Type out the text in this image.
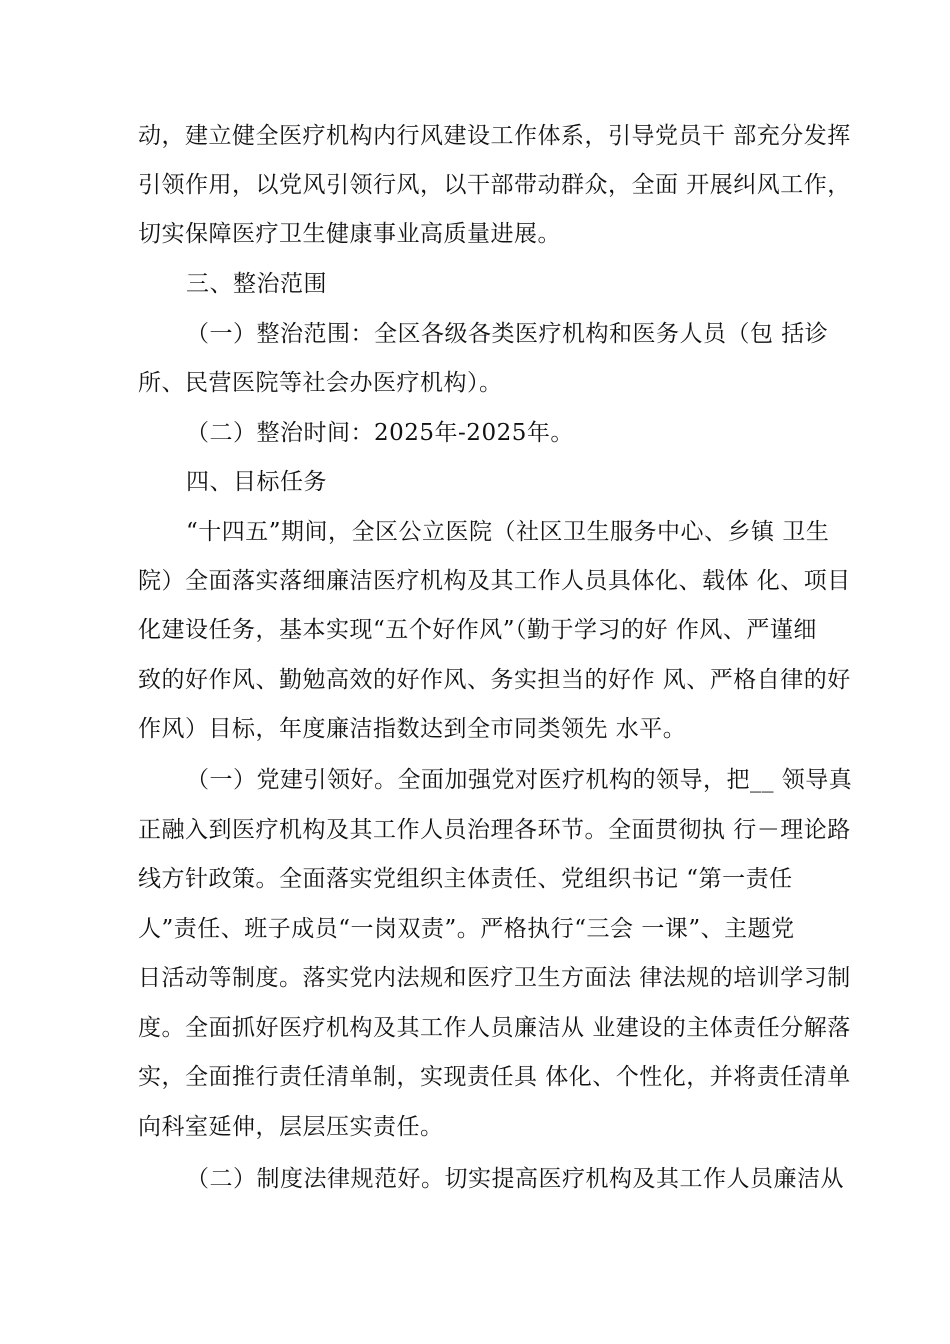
动，建立健全医疗机构内行风建设工作体系，引导党员干 部充分发挥
引领作用，以党风引领行风，以干部带动群众，全面 开展纠风工作，
切实保障医疗卫生健康事业高质量进展。
三、整治范围
（一）整治范围：全区各级各类医疗机构和医务人员（包 括诊
所、民营医院等社会办医疗机构）。
（二）整治时间：2025年-2025年。
四、目标任务
“十四五”期间，全区公立医院（社区卫生服务中心、乡镇 卫生
院）全面落实落细廉洁医疗机构及其工作人员具体化、载体 化、项目
化建设任务，基本实现“五个好作风”（勤于学习的好 作风、严谨细
致的好作风、勤勉高效的好作风、务实担当的好作 风、严格自律的好
作风）目标，年度廉洁指数达到全市同类领先 水平。
（一）党建引领好。全面加强党对医疗机构的领导，把__ 领导真
正融入到医疗机构及其工作人员治理各环节。全面贯彻执 行－理论路
线方针政策。全面落实党组织主体责任、党组织书记 “第一责任
人”责任、班子成员“一岗双责”。严格执行“三会 一课”、主题党
日活动等制度。落实党内法规和医疗卫生方面法 律法规的培训学习制
度。全面抓好医疗机构及其工作人员廉洁从 业建设的主体责任分解落
实，全面推行责任清单制，实现责任具 体化、个性化，并将责任清单
向科室延伸，层层压实责任。
（二）制度法律规范好。切实提高医疗机构及其工作人员廉洁从
